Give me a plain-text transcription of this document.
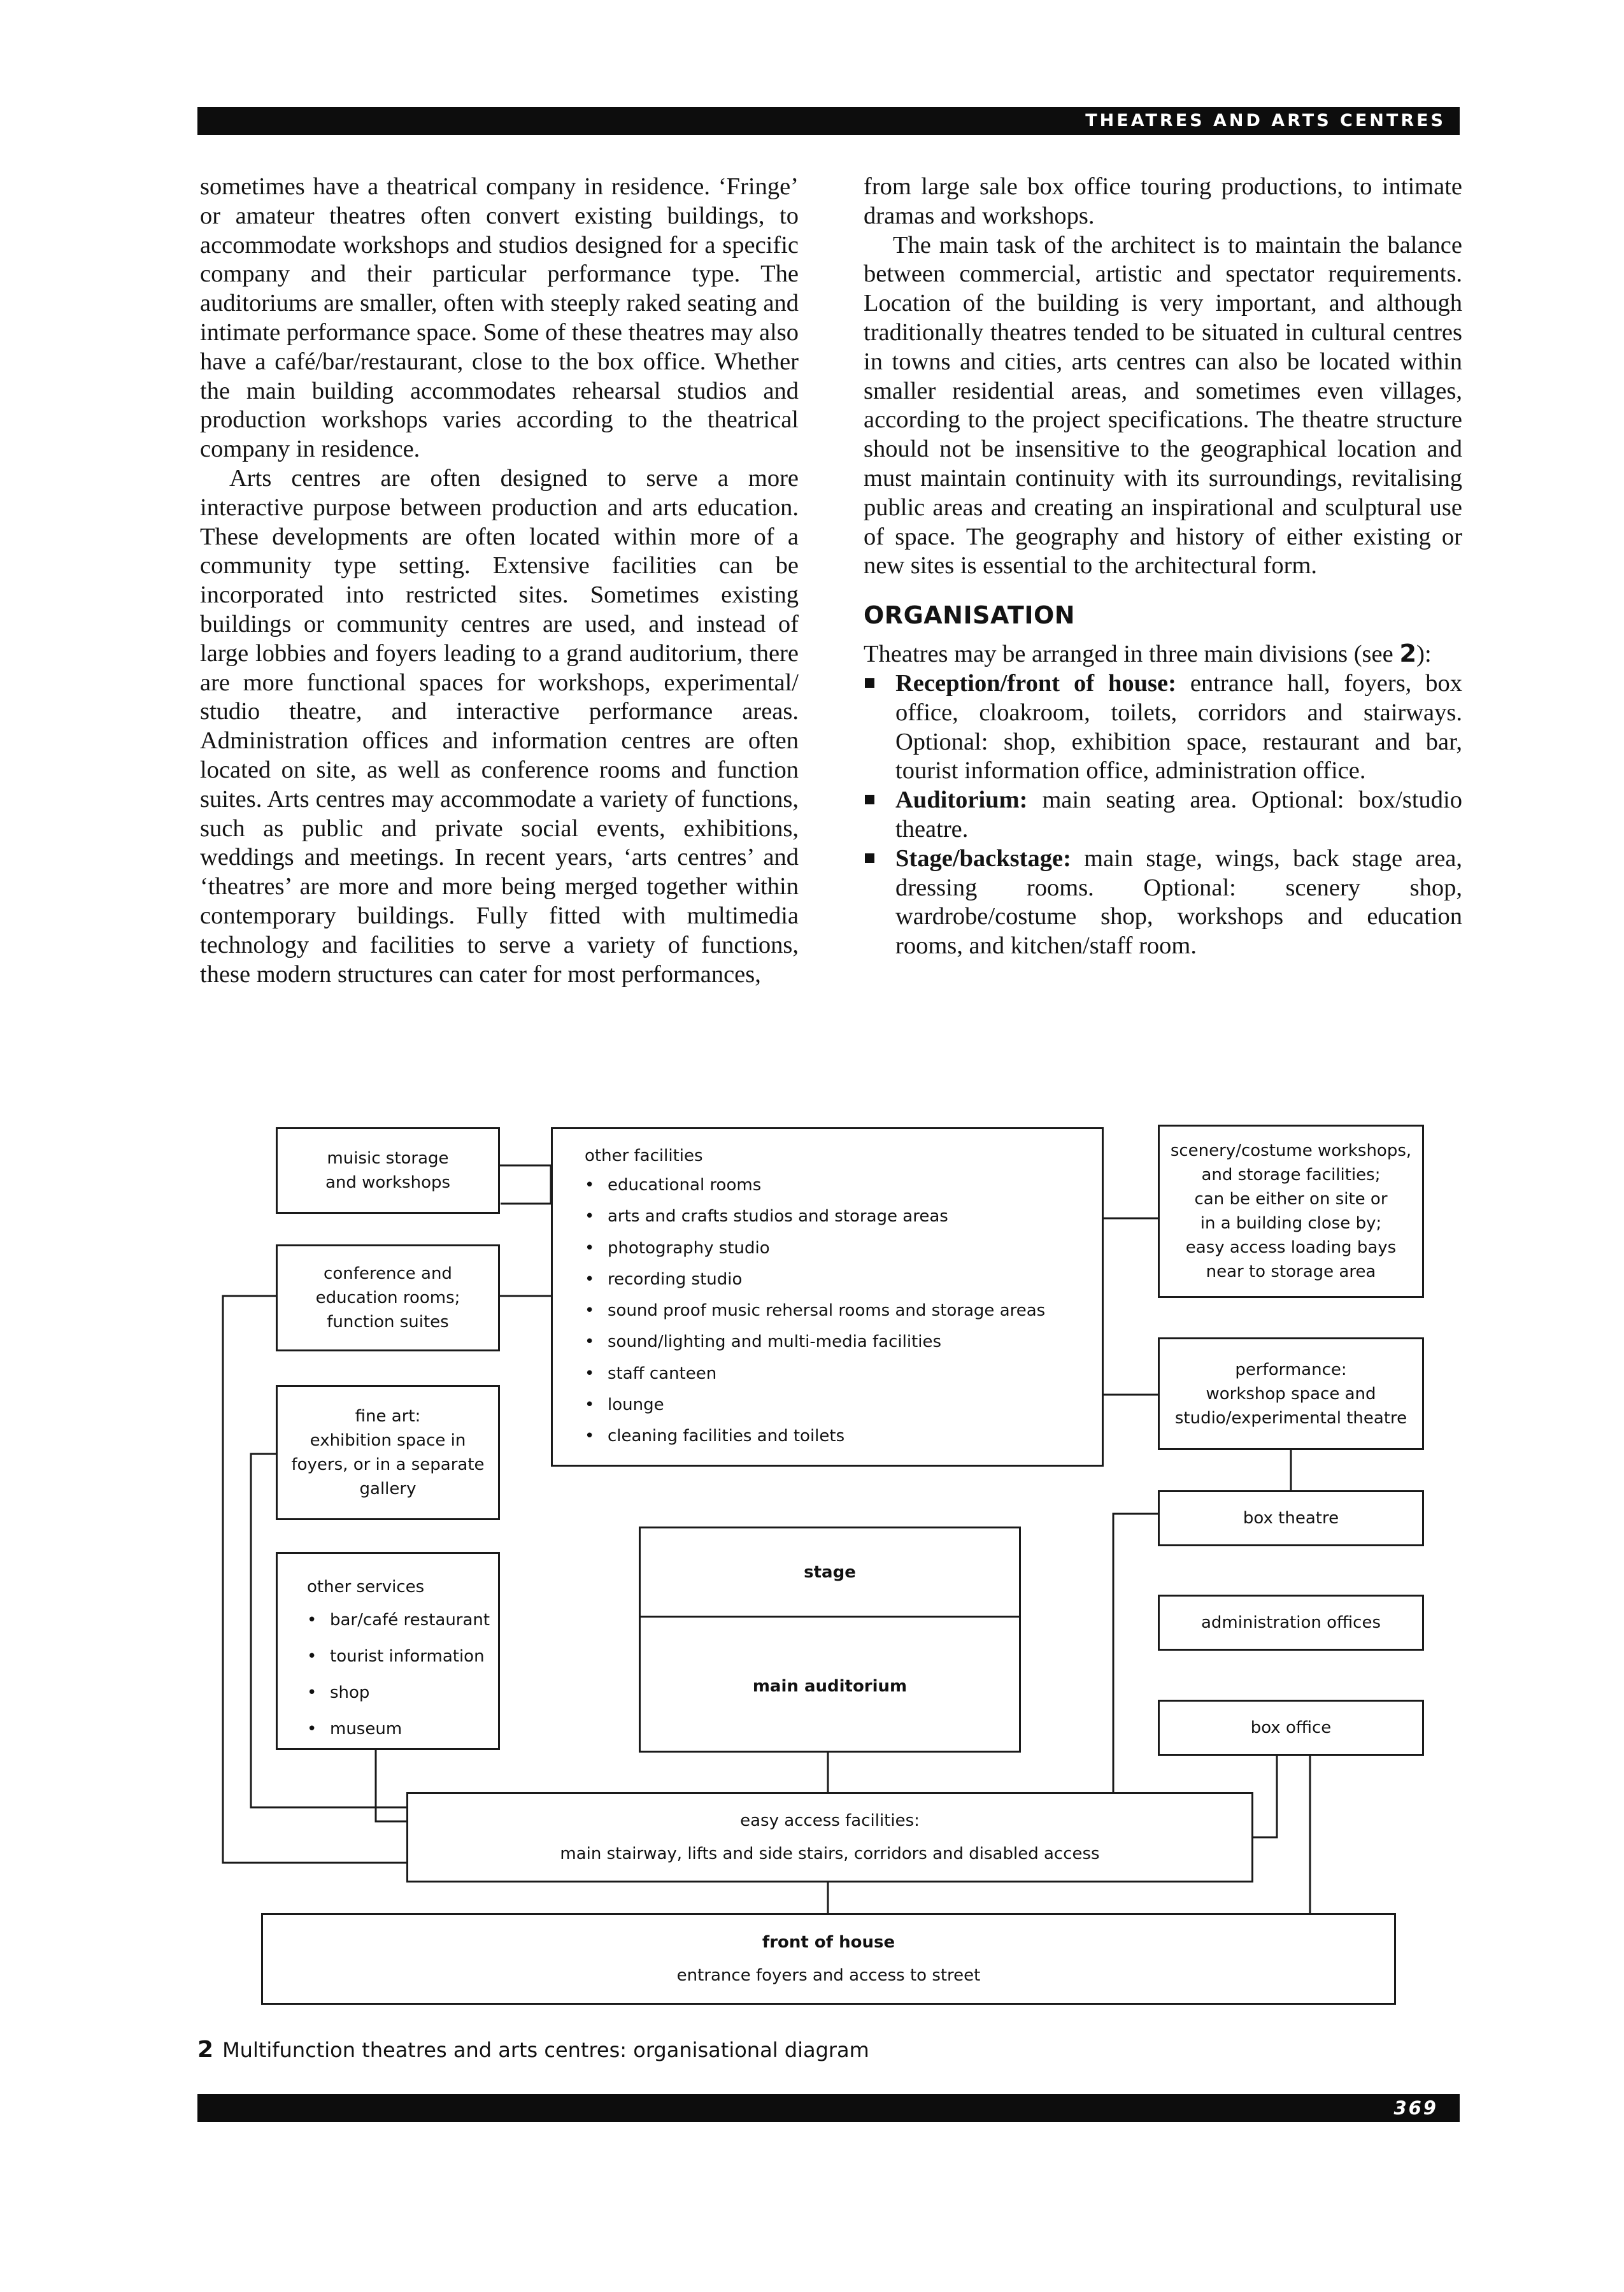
THEATRES AND ARTS CENTRES

sometimes have a theatrical company in residence. ‘Fringe’ or amateur theatres often convert existing buildings, to accommodate workshops and studios designed for a specific company and their particular performance type. The auditoriums are smaller, often with steeply raked seating and intimate performance space. Some of these theatres may also have a café/bar/restaurant, close to the box office. Whether the main building accommodates rehearsal studios and production workshops varies according to the theatrical company in residence.

Arts centres are often designed to serve a more interactive purpose between production and arts education. These developments are often located within more of a community type setting. Extensive facilities can be incorporated into restricted sites. Sometimes existing buildings or community centres are used, and instead of large lobbies and foyers leading to a grand auditorium, there are more functional spaces for workshops, experimental/ studio theatre, and interactive performance areas. Administration offices and information centres are often located on site, as well as conference rooms and function suites. Arts centres may accommodate a variety of functions, such as public and private social events, exhibitions, weddings and meetings. In recent years, ‘arts centres’ and ‘theatres’ are more and more being merged together within contemporary buildings. Fully fitted with multimedia technology and facilities to serve a variety of functions, these modern structures can cater for most performances,

from large sale box office touring productions, to intimate dramas and workshops.

The main task of the architect is to maintain the balance between commercial, artistic and spectator requirements. Location of the building is very important, and although traditionally theatres tended to be situated in cultural centres in towns and cities, arts centres can also be located within smaller residential areas, and sometimes even villages, according to the project specifications. The theatre structure should not be insensitive to the geographical location and must maintain continuity with its surroundings, revitalising public areas and creating an inspirational and sculptural use of space. The geography and history of either existing or new sites is essential to the architectural form.

ORGANISATION

Theatres may be arranged in three main divisions (see 2):

Reception/front of house: entrance hall, foyers, box office, cloakroom, toilets, corridors and stairways. Optional: shop, exhibition space, restaurant and bar, tourist information office, administration office.
Auditorium: main seating area. Optional: box/studio theatre.
Stage/backstage: main stage, wings, back stage area, dressing rooms. Optional: scenery shop, wardrobe/costume shop, workshops and education rooms, and kitchen/staff room.
muisic storage
and workshops
conference and
education rooms;
function suites
fine art:
exhibition space in
foyers, or in a separate
gallery
other services
• bar/café restaurant
• tourist information
• shop
• museum
other facilities
• educational rooms
• arts and crafts studios and storage areas
• photography studio
• recording studio
• sound proof music rehersal rooms and storage areas
• sound/lighting and multi-media facilities
• staff canteen
• lounge
• cleaning facilities and toilets
scenery/costume workshops,
and storage facilities;
can be either on site or
in a building close by;
easy access loading bays
near to storage area
performance:
workshop space and
studio/experimental theatre
box theatre
administration offices
box office
stage
main auditorium
easy access facilities:
main stairway, lifts and side stairs, corridors and disabled access
front of house
entrance foyers and access to street
2 Multifunction theatres and arts centres: organisational diagram
369
